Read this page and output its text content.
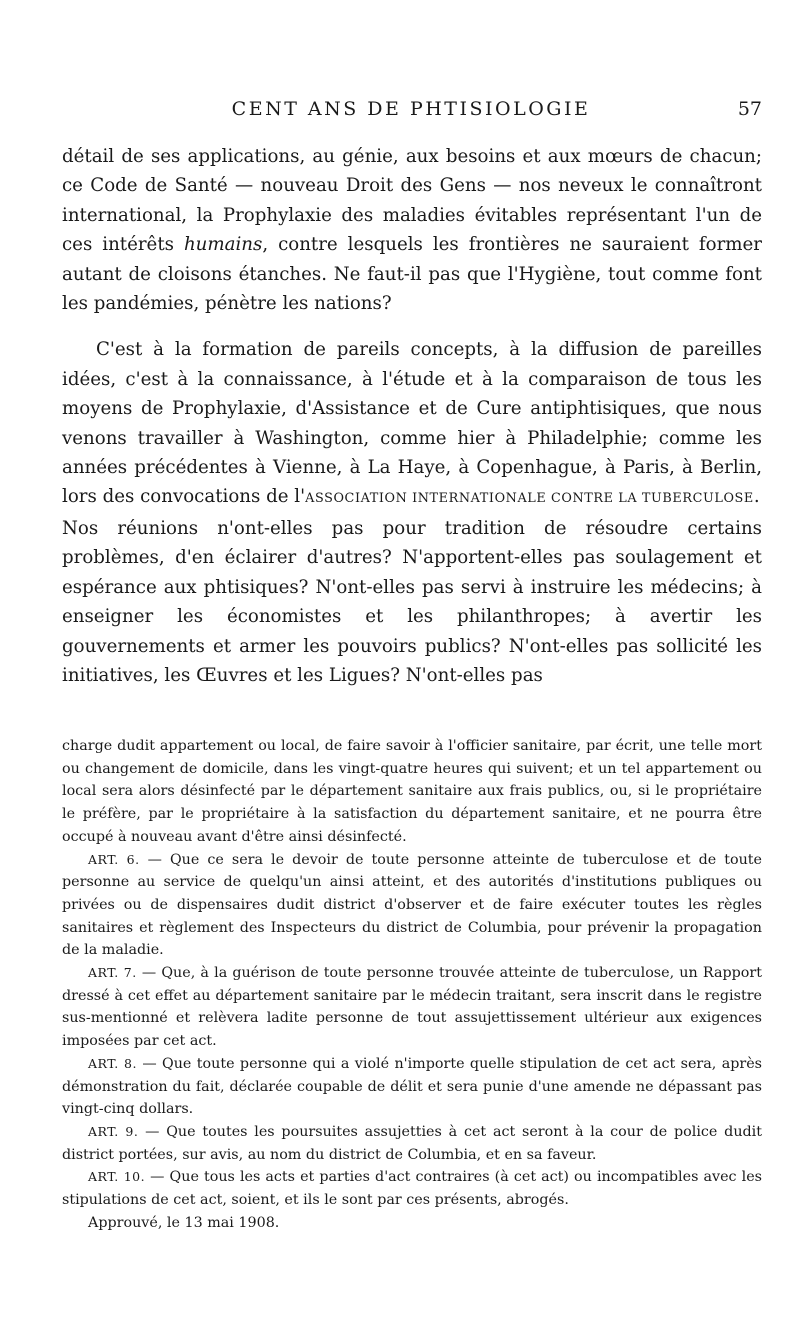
CENT ANS DE PHTISIOLOGIE	57

détail de ses applications, au génie, aux besoins et aux mœurs de chacun; ce Code de Santé — nouveau Droit des Gens — nos neveux le connaîtront international, la Prophylaxie des maladies évitables représentant l'un de ces intérêts humains, contre lesquels les frontières ne sauraient former autant de cloisons étanches. Ne faut-il pas que l'Hygiène, tout comme font les pandémies, pénètre les nations?

C'est à la formation de pareils concepts, à la diffusion de pareilles idées, c'est à la connaissance, à l'étude et à la comparaison de tous les moyens de Prophylaxie, d'Assistance et de Cure antiphtisiques, que nous venons travailler à Washington, comme hier à Philadelphie; comme les années précédentes à Vienne, à La Haye, à Copenhague, à Paris, à Berlin, lors des convocations de l'ASSOCIATION INTERNATIONALE CONTRE LA TUBERCULOSE.

Nos réunions n'ont-elles pas pour tradition de résoudre certains problèmes, d'en éclairer d'autres? N'apportent-elles pas soulagement et espérance aux phtisiques? N'ont-elles pas servi à instruire les médecins; à enseigner les économistes et les philanthropes; à avertir les gouvernements et armer les pouvoirs publics? N'ont-elles pas sollicité les initiatives, les Œuvres et les Ligues? N'ont-elles pas

charge dudit appartement ou local, de faire savoir à l'officier sanitaire, par écrit, une telle mort ou changement de domicile, dans les vingt-quatre heures qui suivent; et un tel appartement ou local sera alors désinfecté par le département sanitaire aux frais publics, ou, si le propriétaire le préfère, par le propriétaire à la satisfaction du département sanitaire, et ne pourra être occupé à nouveau avant d'être ainsi désinfecté.

ART. 6. — Que ce sera le devoir de toute personne atteinte de tuberculose et de toute personne au service de quelqu'un ainsi atteint, et des autorités d'institutions publiques ou privées ou de dispensaires dudit district d'observer et de faire exécuter toutes les règles sanitaires et règlement des Inspecteurs du district de Columbia, pour prévenir la propagation de la maladie.

ART. 7. — Que, à la guérison de toute personne trouvée atteinte de tuberculose, un Rapport dressé à cet effet au département sanitaire par le médecin traitant, sera inscrit dans le registre sus-mentionné et relèvera ladite personne de tout assujettissement ultérieur aux exigences imposées par cet act.

ART. 8. — Que toute personne qui a violé n'importe quelle stipulation de cet act sera, après démonstration du fait, déclarée coupable de délit et sera punie d'une amende ne dépassant pas vingt-cinq dollars.

ART. 9. — Que toutes les poursuites assujetties à cet act seront à la cour de police dudit district portées, sur avis, au nom du district de Columbia, et en sa faveur.

ART. 10. — Que tous les acts et parties d'act contraires (à cet act) ou incompatibles avec les stipulations de cet act, soient, et ils le sont par ces présents, abrogés.

Approuvé, le 13 mai 1908.
